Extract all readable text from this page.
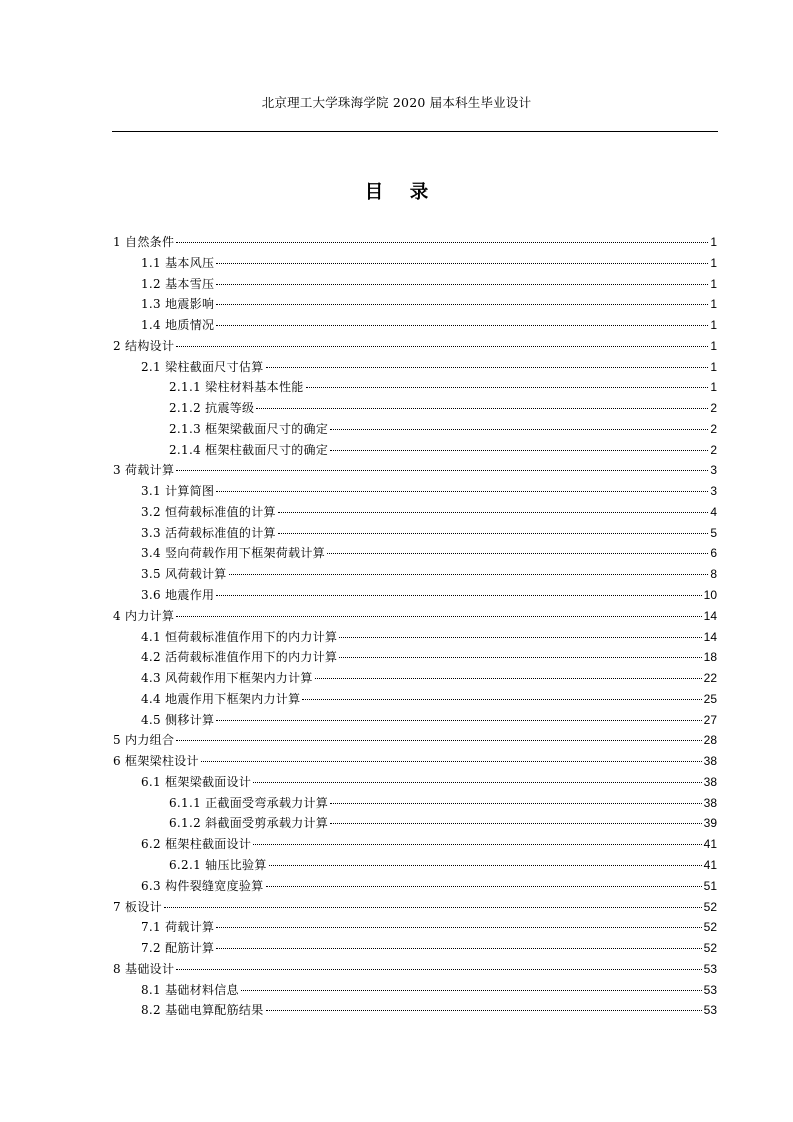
北京理工大学珠海学院 2020 届本科生毕业设计
目 录
1 自然条件	1
1.1 基本风压	1
1.2 基本雪压	1
1.3 地震影响	1
1.4 地质情况	1
2 结构设计	1
2.1 梁柱截面尺寸估算	1
2.1.1 梁柱材料基本性能	1
2.1.2 抗震等级	2
2.1.3 框架梁截面尺寸的确定	2
2.1.4 框架柱截面尺寸的确定	2
3 荷载计算	3
3.1 计算简图	3
3.2 恒荷载标准值的计算	4
3.3 活荷载标准值的计算	5
3.4 竖向荷载作用下框架荷载计算	6
3.5 风荷载计算	8
3.6 地震作用	10
4 内力计算	14
4.1 恒荷载标准值作用下的内力计算	14
4.2 活荷载标准值作用下的内力计算	18
4.3 风荷载作用下框架内力计算	22
4.4 地震作用下框架内力计算	25
4.5 侧移计算	27
5 内力组合	28
6 框架梁柱设计	38
6.1 框架梁截面设计	38
6.1.1 正截面受弯承载力计算	38
6.1.2 斜截面受剪承载力计算	39
6.2 框架柱截面设计	41
6.2.1 轴压比验算	41
6.3 构件裂缝宽度验算	51
7 板设计	52
7.1 荷载计算	52
7.2 配筋计算	52
8 基础设计	53
8.1 基础材料信息	53
8.2 基础电算配筋结果	53
